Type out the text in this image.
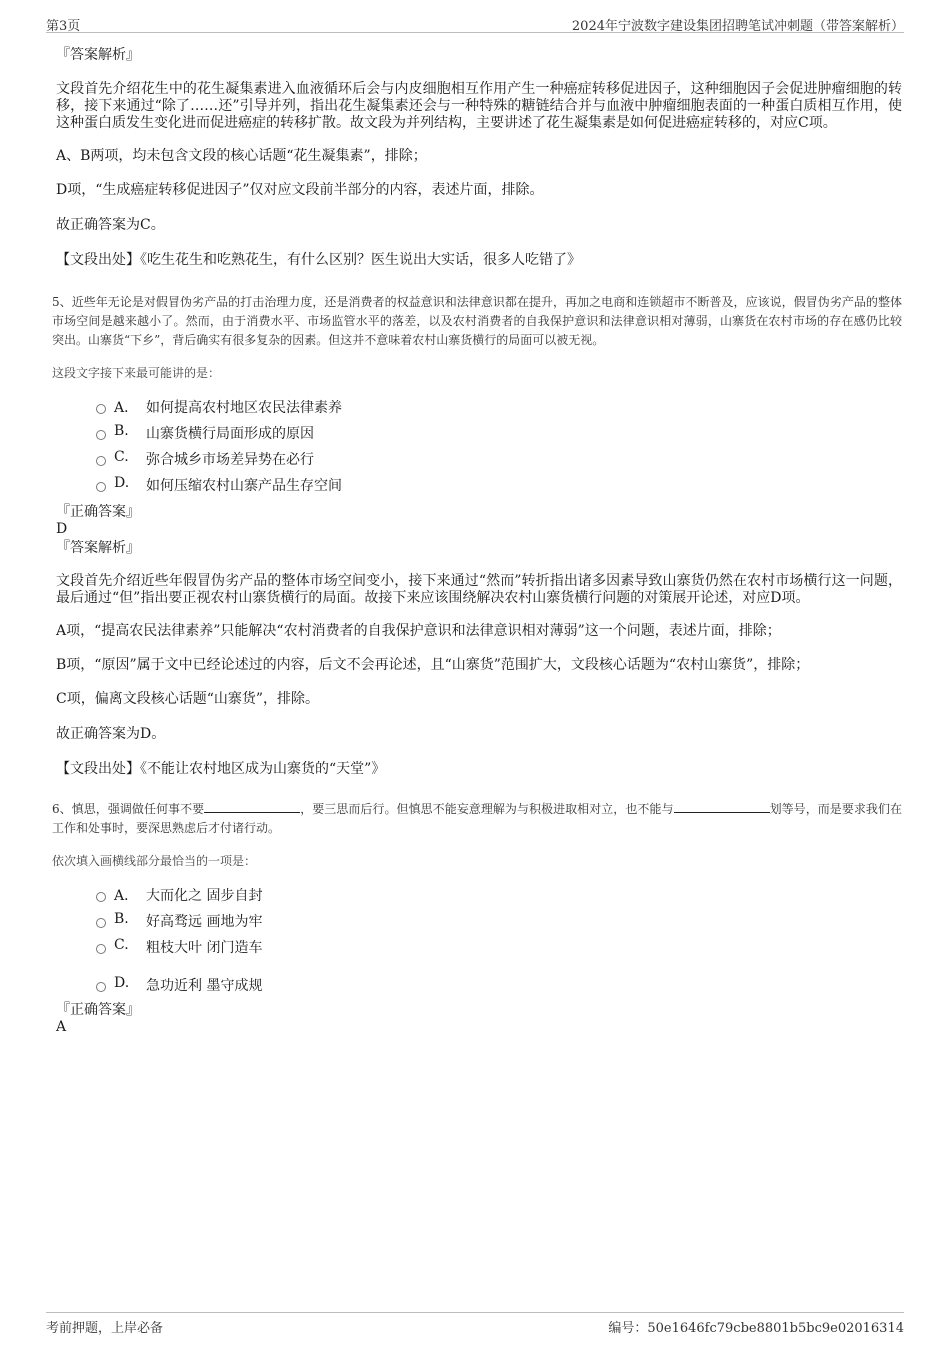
第3页	2024年宁波数字建设集团招聘笔试冲刺题（带答案解析）
『答案解析』
文段首先介绍花生中的花生凝集素进入血液循环后会与内皮细胞相互作用产生一种癌症转移促进因子，这种细胞因子会促进肿瘤细胞的转移，接下来通过“除了……还”引导并列，指出花生凝集素还会与一种特殊的糖链结合并与血液中肿瘤细胞表面的一种蛋白质相互作用，使这种蛋白质发生变化进而促进癌症的转移扩散。故文段为并列结构，主要讲述了花生凝集素是如何促进癌症转移的，对应C项。
A、B两项，均未包含文段的核心话题“花生凝集素”，排除；
D项，“生成癌症转移促进因子”仅对应文段前半部分的内容，表述片面，排除。
故正确答案为C。
【文段出处】《吃生花生和吃熟花生，有什么区别？医生说出大实话，很多人吃错了》
5、近些年无论是对假冒伪劣产品的打击治理力度，还是消费者的权益意识和法律意识都在提升，再加之电商和连锁超市不断普及，应该说，假冒伪劣产品的整体市场空间是越来越小了。然而，由于消费水平、市场监管水平的落差，以及农村消费者的自我保护意识和法律意识相对薄弱，山寨货在农村市场的存在感仍比较突出。山寨货“下乡”，背后确实有很多复杂的因素。但这并不意味着农村山寨货横行的局面可以被无视。
这段文字接下来最可能讲的是：
A． 如何提高农村地区农民法律素养
B. 山寨货横行局面形成的原因
C. 弥合城乡市场差异势在必行
D. 如何压缩农村山寨产品生存空间
『正确答案』
D
『答案解析』
文段首先介绍近些年假冒伪劣产品的整体市场空间变小，接下来通过“然而”转折指出诸多因素导致山寨货仍然在农村市场横行这一问题，最后通过“但”指出要正视农村山寨货横行的局面。故接下来应该围绕解决农村山寨货横行问题的对策展开论述，对应D项。
A项，“提高农民法律素养”只能解决“农村消费者的自我保护意识和法律意识相对薄弱”这一个问题，表述片面，排除；
B项，“原因”属于文中已经论述过的内容，后文不会再论述，且“山寨货”范围扩大，文段核心话题为“农村山寨货”，排除；
C项，偏离文段核心话题“山寨货”，排除。
故正确答案为D。
【文段出处】《不能让农村地区成为山寨货的“天堂”》
6、慎思，强调做任何事不要	，要三思而后行。但慎思不能妄意理解为与积极进取相对立，也不能与	划等号，而是要求我们在工作和处事时，要深思熟虑后才付诸行动。
依次填入画横线部分最恰当的一项是：
A． 大而化之 固步自封
B. 好高骛远 画地为牢
C. 粗枝大叶 闭门造车
D. 急功近利 墨守成规
『正确答案』
A
考前押题，上岸必备	编号：50e1646fc79cbe8801b5bc9e02016314
